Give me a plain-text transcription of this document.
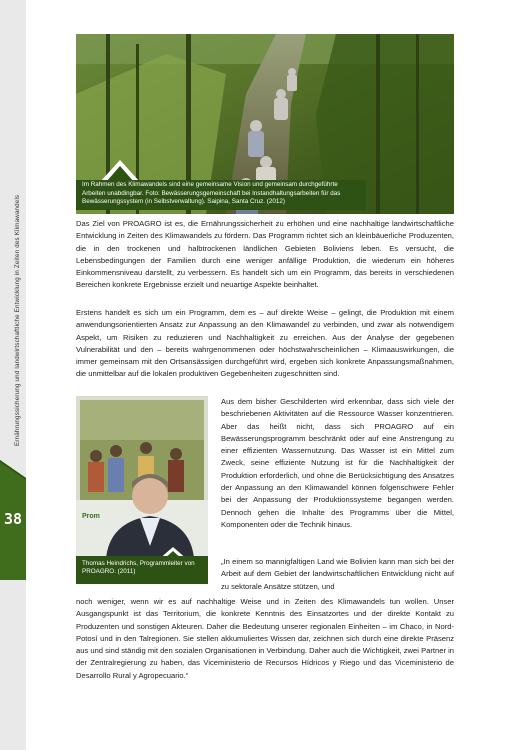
Ernährungssicherung und landwirtschaftliche Entwicklung in Zeiten des Klimawandels
38
Im Rahmen des Klimawandels sind eine gemeinsame Vision und gemeinsam durchgeführte Arbeiten unabdingbar. Foto: Bewässerungsgemeinschaft bei Instandhaltungsarbeiten für das Bewässerungssystem (in Selbstverwaltung). Saipina, Santa Cruz. (2012)

Das Ziel von PROAGRO ist es, die Ernährungssicherheit zu erhöhen und eine nachhaltige landwirtschaftliche Entwicklung in Zeiten des Klimawandels zu fördern. Das Programm richtet sich an kleinbäuerliche Produzenten, die in den trockenen und halbtrockenen ländlichen Gebieten Boliviens leben. Es versucht, die Lebensbedingungen der Familien durch eine weniger anfällige Produktion, die wiederum ein höheres Einkommensniveau darstellt, zu verbessern. Es handelt sich um ein Programm, das bereits in verschiedenen Bereichen konkrete Ergebnisse erzielt und neuartige Aspekte beinhaltet.

Erstens handelt es sich um ein Programm, dem es – auf direkte Weise – gelingt, die Produktion mit einem anwendungsorientierten Ansatz zur Anpassung an den Klimawandel zu verbinden, und zwar als notwendigem Aspekt, um Risiken zu reduzieren und Nachhaltigkeit zu erreichen. Aus der Analyse der gegebenen Vulnerabilität und den – bereits wahrgenommenen oder höchstwahrscheinlichen – Klimaauswirkungen, die immer gemeinsam mit den Ortsansässigen durchgeführt wird, ergeben sich konkrete Anpassungsmaßnahmen, die unmittelbar auf die lokalen produktiven Gegebenheiten zugeschnitten sind.

Prom
Thomas Heindrichs, Programmleiter von PROAGRO. (2011)

Aus dem bisher Geschilderten wird erkennbar, dass sich viele der beschriebenen Aktivitäten auf die Ressource Wasser konzentrieren. Aber das heißt nicht, dass sich PROAGRO auf ein Bewässerungsprogramm beschränkt oder auf eine Anstrengung zu einer effizienten Wassernutzung. Das Wasser ist ein Mittel zum Zweck, seine effiziente Nutzung ist für die Nachhaltigkeit der Produktion erforderlich, und ohne die Berücksichtigung des Ansatzes der Anpassung an den Klimawandel können folgenschwere Fehler bei der Anpassung der Produktionssysteme begangen werden. Dennoch gehen die Inhalte des Programms über die Mittel, Komponenten oder die Technik hinaus.

„In einem so mannigfaltigen Land wie Bolivien kann man sich bei der Arbeit auf dem Gebiet der landwirtschaftlichen Entwicklung nicht auf zu sektorale Ansätze stützen, und

noch weniger, wenn wir es auf nachhaltige Weise und in Zeiten des Klimawandels tun wollen. Unser Ausgangspunkt ist das Territorium, die konkrete Kenntnis des Einsatzortes und der direkte Kontakt zu Produzenten und sonstigen Akteuren. Daher die Bedeutung unserer regionalen Einheiten – im Chaco, in Nord-Potosí und in den Talregionen. Sie stellen akkumuliertes Wissen dar, zeichnen sich durch eine direkte Präsenz aus und sind ständig mit den sozialen Organisationen in Verbindung. Daher auch die Wichtigkeit, zwei Partner in der Zentralregierung zu haben, das Viceministerio de Recursos Hídricos y Riego und das Viceministerio de Desarrollo Rural y Agropecuario.“
